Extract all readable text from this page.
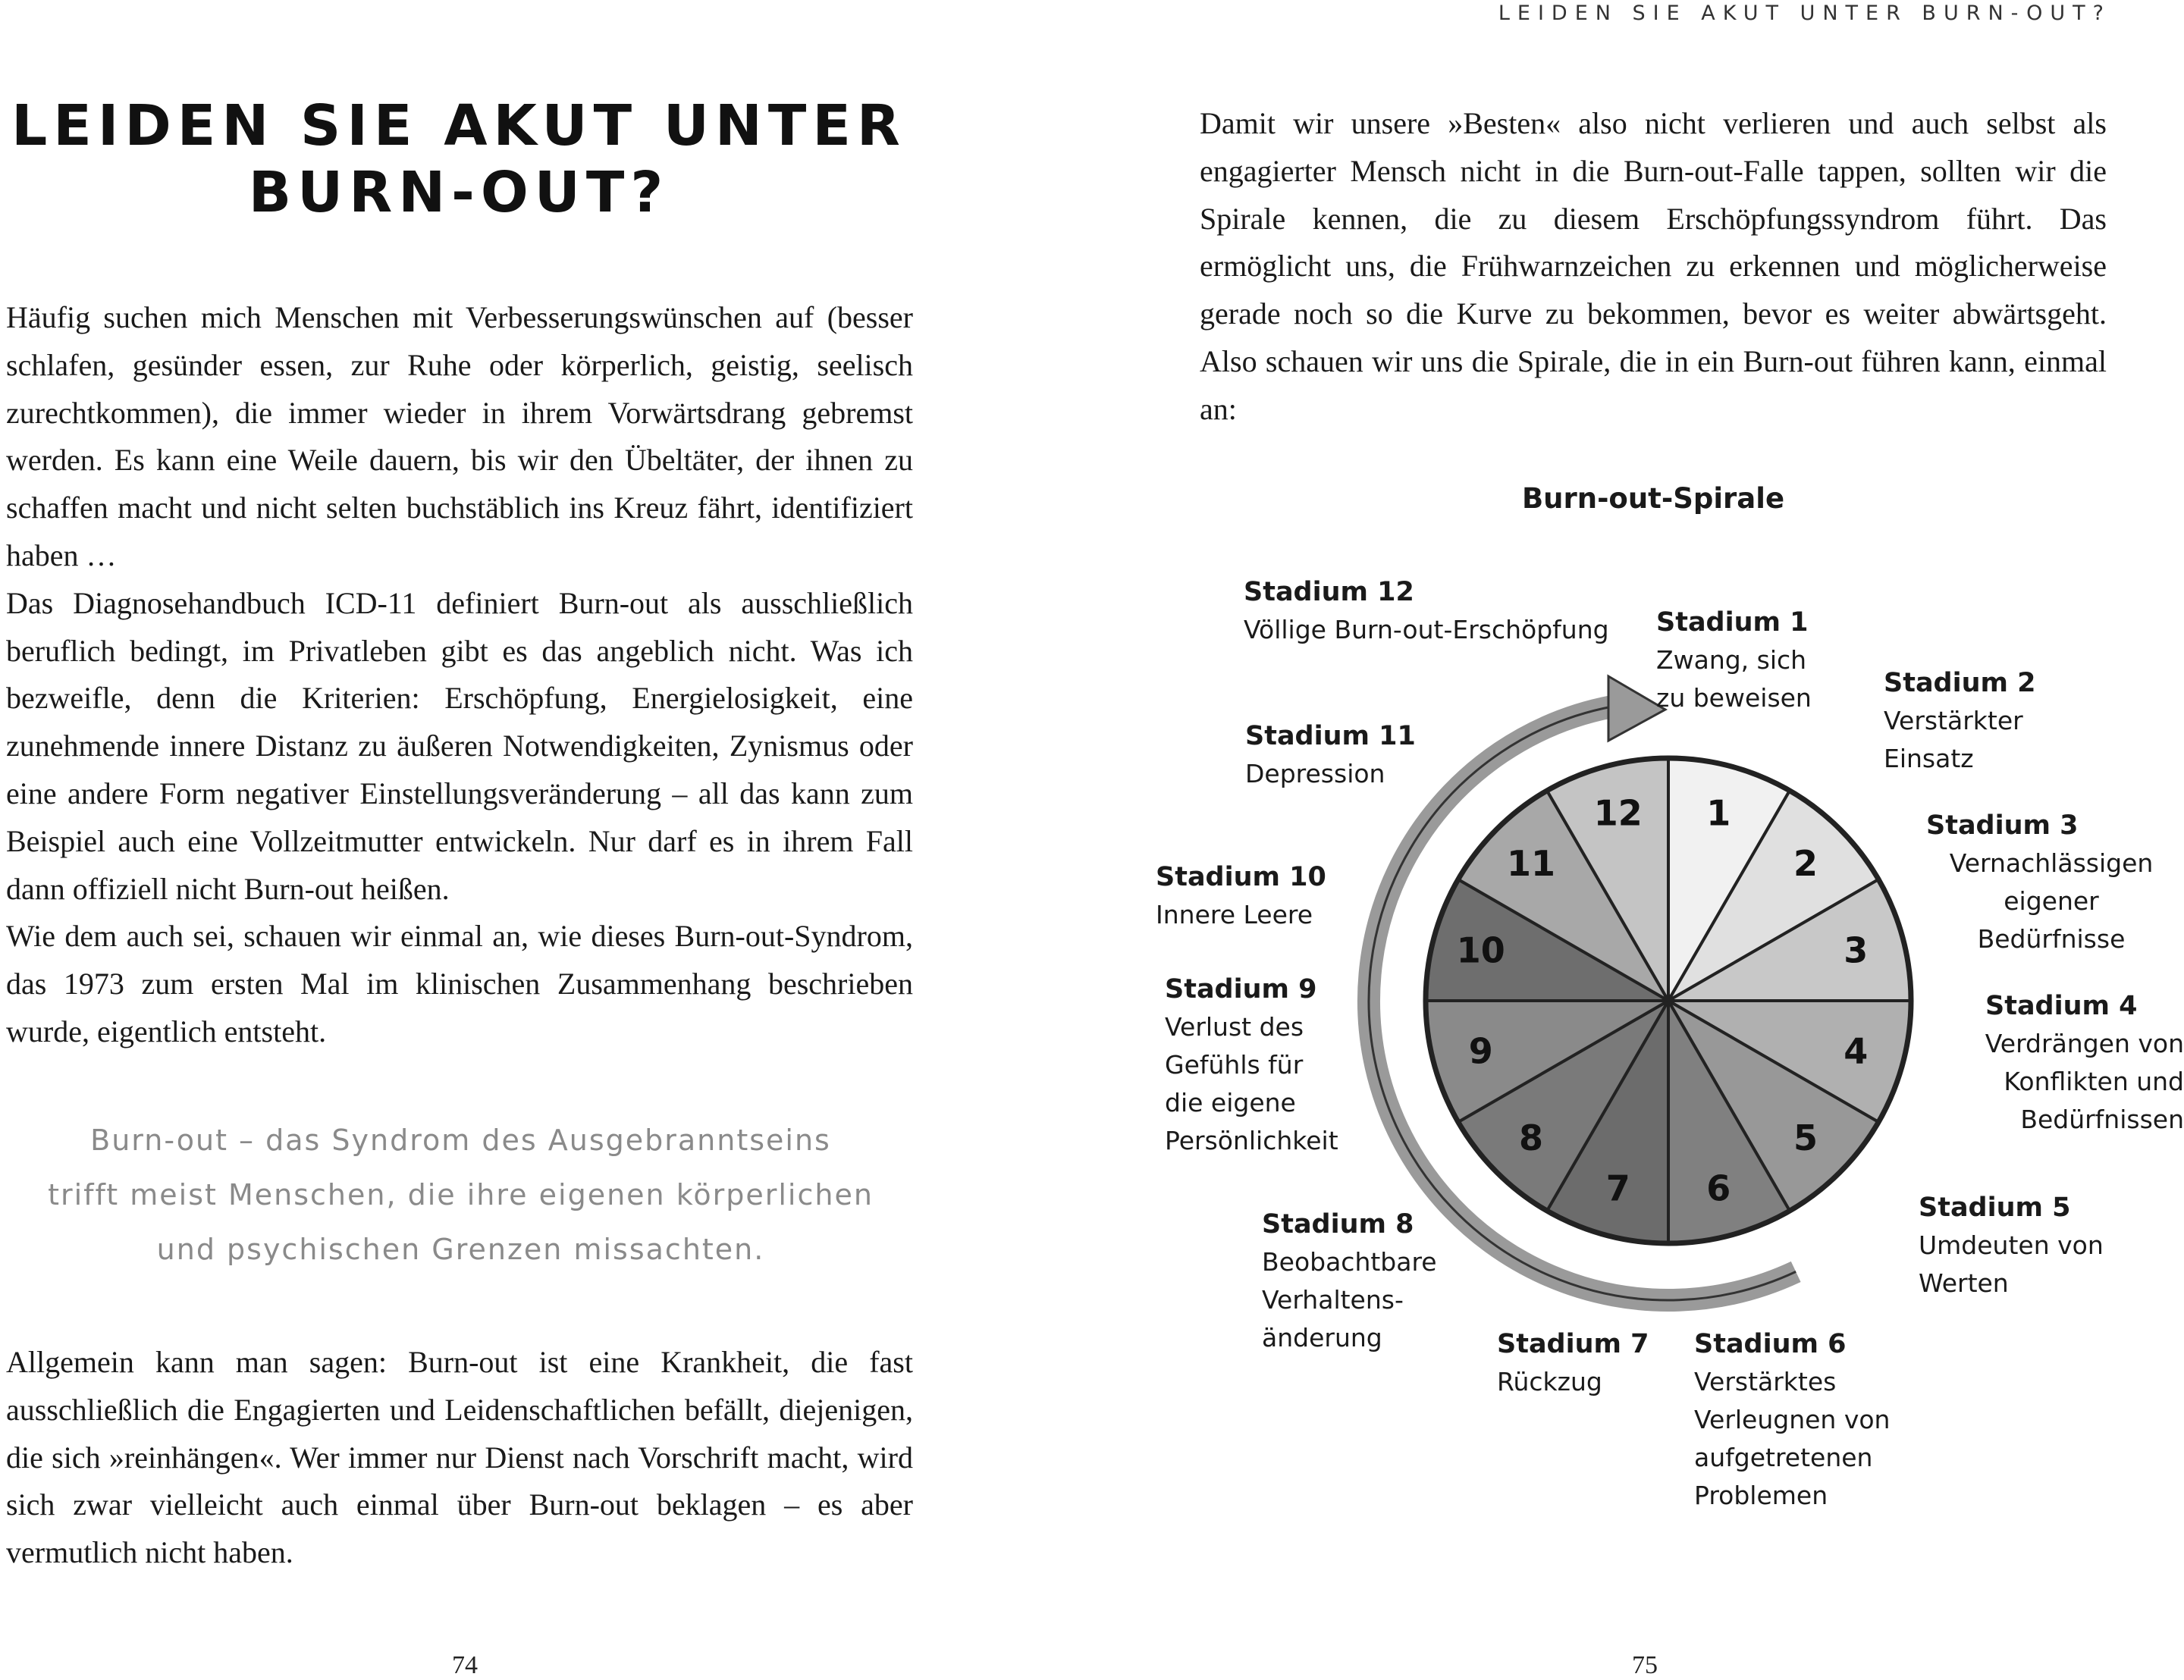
LEIDEN SIE AKUT UNTER BURN-OUT?
LEIDEN SIE AKUT UNTER
BURN-OUT?

Häufig suchen mich Menschen mit Verbesserungswünschen auf (besser schlafen, gesünder essen, zur Ruhe oder körperlich, geistig, seelisch zurechtkommen), die immer wieder in ihrem Vorwärtsdrang gebremst werden. Es kann eine Weile dauern, bis wir den Übeltäter, der ihnen zu schaffen macht und nicht selten buchstäblich ins Kreuz fährt, identifiziert haben …

Das Diagnosehandbuch ICD-11 definiert Burn-out als ausschließlich beruflich bedingt, im Privatleben gibt es das angeblich nicht. Was ich bezweifle, denn die Kriterien: Erschöpfung, Energielosigkeit, eine zunehmende innere Distanz zu äußeren Notwendigkeiten, Zynismus oder eine andere Form negativer Einstellungsveränderung – all das kann zum Beispiel auch eine Vollzeitmutter entwickeln. Nur darf es in ihrem Fall dann offiziell nicht Burn-out heißen.

Wie dem auch sei, schauen wir einmal an, wie dieses Burn-out-Syndrom, das 1973 zum ersten Mal im klinischen Zusammenhang beschrieben wurde, eigentlich entsteht.

Burn-out – das Syndrom des Ausgebranntseins
trifft meist Menschen, die ihre eigenen körperlichen
und psychischen Grenzen missachten.

Allgemein kann man sagen: Burn-out ist eine Krankheit, die fast ausschließlich die Engagierten und Leidenschaftlichen befällt, diejenigen, die sich »reinhängen«. Wer immer nur Dienst nach Vorschrift macht, wird sich zwar vielleicht auch einmal über Burn-out beklagen – es aber vermutlich nicht haben.

74

Damit wir unsere »Besten« also nicht verlieren und auch selbst als engagierter Mensch nicht in die Burn-out-Falle tappen, sollten wir die Spirale kennen, die zu diesem Erschöpfungssyndrom führt. Das ermöglicht uns, die Frühwarnzeichen zu erkennen und möglicherweise gerade noch so die Kurve zu bekommen, bevor es weiter abwärtsgeht. Also schauen wir uns die Spirale, die in ein Burn-out führen kann, einmal an:

Burn-out-Spirale
1
2
3
4
5
6
7
8
9
10
11
12
Stadium 12
Völlige Burn-out-Erschöpfung Stadium 1
Zwang, sich
zu beweisen	Stadium 2
Verstärkter
Einsatz
Stadium 11
Depression
Stadium 3
Vernachlässigen
eigener
Bedürfnisse
Stadium 10
Innere Leere
Stadium 9
Verlust des
Gefühls für
die eigene
Persönlichkeit
Stadium 4
Verdrängen von
Konflikten und
Bedürfnissen
Stadium 5
Umdeuten von
Werten
Stadium 8
Beobachtbare
Verhaltens-
änderung	Stadium 7
Rückzug
Stadium 6
Verstärktes
Verleugnen von
aufgetretenen
Problemen
75
